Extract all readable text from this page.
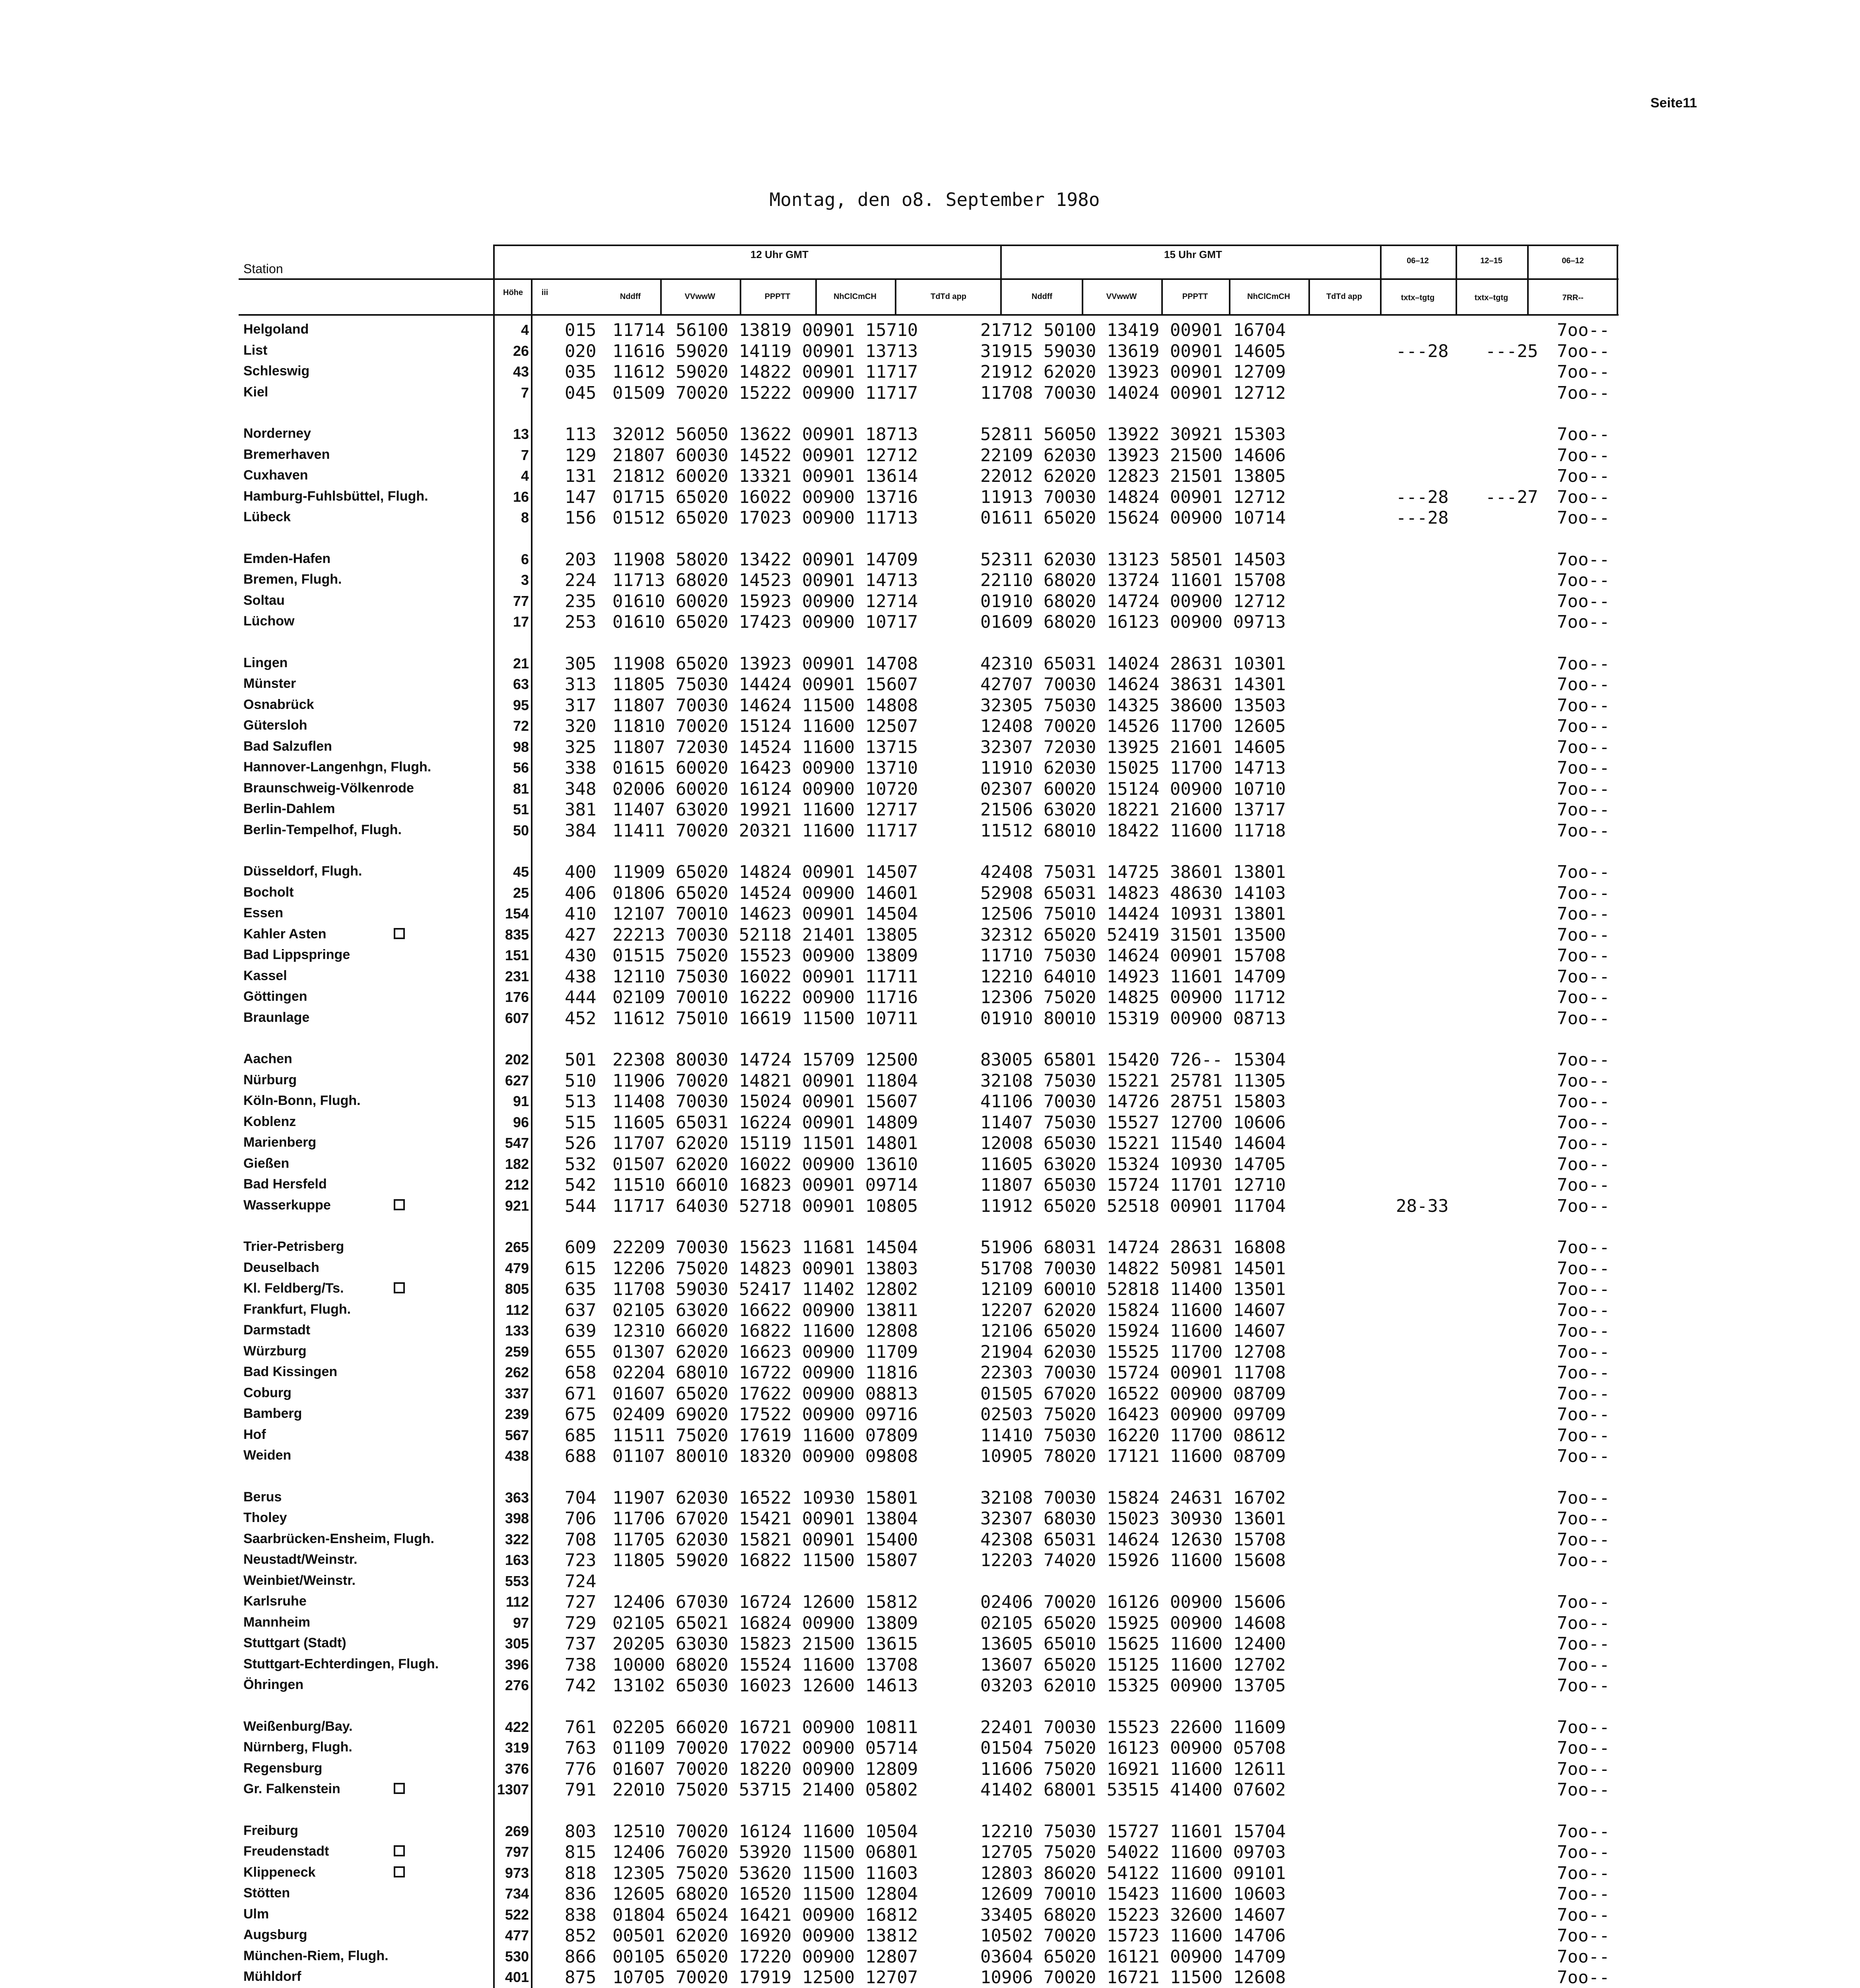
Seite11
Montag, den o8. September 198o
Station
12 Uhr GMT	15 Uhr GMT
Höhe	iii	Nddff	VVwwW	PPPTT	NhClCmCH	TdTd app	Nddff	VVwwW	PPPTT	NhClCmCH	TdTd app
06–12	12–15	06–12
txtx–tgtg	txtx–tgtg	7RR--
Helgoland	4 015 11714 56100 13819 00901 15710	21712 50100 13419 00901 16704	7oo--
List	26 020 11616 59020 14119 00901 13713	31915 59030 13619 00901 14605	---28 ---25 7oo--
Schleswig	43 035 11612 59020 14822 00901 11717	21912 62020 13923 00901 12709	7oo--
Kiel	7 045 01509 70020 15222 00900 11717	11708 70030 14024 00901 12712	7oo--
Norderney	13 113 32012 56050 13622 00901 18713	52811 56050 13922 30921 15303	7oo--
Bremerhaven	7 129 21807 60030 14522 00901 12712	22109 62030 13923 21500 14606	7oo--
Cuxhaven	4 131 21812 60020 13321 00901 13614	22012 62020 12823 21501 13805	7oo--
Hamburg-Fuhlsbüttel, Flugh.	16 147 01715 65020 16022 00900 13716	11913 70030 14824 00901 12712	---28 ---27 7oo--
Lübeck	8 156 01512 65020 17023 00900 11713	01611 65020 15624 00900 10714	---28	7oo--
Emden-Hafen	6 203 11908 58020 13422 00901 14709	52311 62030 13123 58501 14503	7oo--
Bremen, Flugh.	3 224 11713 68020 14523 00901 14713	22110 68020 13724 11601 15708	7oo--
Soltau	77 235 01610 60020 15923 00900 12714	01910 68020 14724 00900 12712	7oo--
Lüchow	17 253 01610 65020 17423 00900 10717	01609 68020 16123 00900 09713	7oo--
Lingen	21 305 11908 65020 13923 00901 14708	42310 65031 14024 28631 10301	7oo--
Münster	63 313 11805 75030 14424 00901 15607	42707 70030 14624 38631 14301	7oo--
Osnabrück	95 317 11807 70030 14624 11500 14808	32305 75030 14325 38600 13503	7oo--
Gütersloh	72 320 11810 70020 15124 11600 12507	12408 70020 14526 11700 12605	7oo--
Bad Salzuflen	98 325 11807 72030 14524 11600 13715	32307 72030 13925 21601 14605	7oo--
Hannover-Langenhgn, Flugh.	56 338 01615 60020 16423 00900 13710	11910 62030 15025 11700 14713	7oo--
Braunschweig-Völkenrode	81 348 02006 60020 16124 00900 10720	02307 60020 15124 00900 10710	7oo--
Berlin-Dahlem	51 381 11407 63020 19921 11600 12717	21506 63020 18221 21600 13717	7oo--
Berlin-Tempelhof, Flugh.	50 384 11411 70020 20321 11600 11717	11512 68010 18422 11600 11718	7oo--
Düsseldorf, Flugh.	45 400 11909 65020 14824 00901 14507	42408 75031 14725 38601 13801	7oo--
Bocholt	25 406 01806 65020 14524 00900 14601	52908 65031 14823 48630 14103	7oo--
Essen	154 410 12107 70010 14623 00901 14504	12506 75010 14424 10931 13801	7oo--
Kahler Asten	835 427 22213 70030 52118 21401 13805	32312 65020 52419 31501 13500	7oo--
Bad Lippspringe	151 430 01515 75020 15523 00900 13809	11710 75030 14624 00901 15708	7oo--
Kassel	231 438 12110 75030 16022 00901 11711	12210 64010 14923 11601 14709	7oo--
Göttingen	176 444 02109 70010 16222 00900 11716	12306 75020 14825 00900 11712	7oo--
Braunlage	607 452 11612 75010 16619 11500 10711	01910 80010 15319 00900 08713	7oo--
Aachen	202 501 22308 80030 14724 15709 12500	83005 65801 15420 726-- 15304	7oo--
Nürburg	627 510 11906 70020 14821 00901 11804	32108 75030 15221 25781 11305	7oo--
Köln-Bonn, Flugh.	91 513 11408 70030 15024 00901 15607	41106 70030 14726 28751 15803	7oo--
Koblenz	96 515 11605 65031 16224 00901 14809	11407 75030 15527 12700 10606	7oo--
Marienberg	547 526 11707 62020 15119 11501 14801	12008 65030 15221 11540 14604	7oo--
Gießen	182 532 01507 62020 16022 00900 13610	11605 63020 15324 10930 14705	7oo--
Bad Hersfeld	212 542 11510 66010 16823 00901 09714	11807 65030 15724 11701 12710	7oo--
Wasserkuppe	921 544 11717 64030 52718 00901 10805	11912 65020 52518 00901 11704	28-33	7oo--
Trier-Petrisberg	265 609 22209 70030 15623 11681 14504	51906 68031 14724 28631 16808	7oo--
Deuselbach	479 615 12206 75020 14823 00901 13803	51708 70030 14822 50981 14501	7oo--
Kl. Feldberg/Ts.	805 635 11708 59030 52417 11402 12802	12109 60010 52818 11400 13501	7oo--
Frankfurt, Flugh.	112 637 02105 63020 16622 00900 13811	12207 62020 15824 11600 14607	7oo--
Darmstadt	133 639 12310 66020 16822 11600 12808	12106 65020 15924 11600 14607	7oo--
Würzburg	259 655 01307 62020 16623 00900 11709	21904 62030 15525 11700 12708	7oo--
Bad Kissingen	262 658 02204 68010 16722 00900 11816	22303 70030 15724 00901 11708	7oo--
Coburg	337 671 01607 65020 17622 00900 08813	01505 67020 16522 00900 08709	7oo--
Bamberg	239 675 02409 69020 17522 00900 09716	02503 75020 16423 00900 09709	7oo--
Hof	567 685 11511 75020 17619 11600 07809	11410 75030 16220 11700 08612	7oo--
Weiden	438 688 01107 80010 18320 00900 09808	10905 78020 17121 11600 08709	7oo--
Berus	363 704 11907 62030 16522 10930 15801	32108 70030 15824 24631 16702	7oo--
Tholey	398 706 11706 67020 15421 00901 13804	32307 68030 15023 30930 13601	7oo--
Saarbrücken-Ensheim, Flugh.	322 708 11705 62030 15821 00901 15400	42308 65031 14624 12630 15708	7oo--
Neustadt/Weinstr.	163 723 11805 59020 16822 11500 15807	12203 74020 15926 11600 15608	7oo--
Weinbiet/Weinstr.	553 724
Karlsruhe	112 727 12406 67030 16724 12600 15812	02406 70020 16126 00900 15606	7oo--
Mannheim	97 729 02105 65021 16824 00900 13809	02105 65020 15925 00900 14608	7oo--
Stuttgart (Stadt)	305 737 20205 63030 15823 21500 13615	13605 65010 15625 11600 12400	7oo--
Stuttgart-Echterdingen, Flugh.	396 738 10000 68020 15524 11600 13708	13607 65020 15125 11600 12702	7oo--
Öhringen	276 742 13102 65030 16023 12600 14613	03203 62010 15325 00900 13705	7oo--
Weißenburg/Bay.	422 761 02205 66020 16721 00900 10811	22401 70030 15523 22600 11609	7oo--
Nürnberg, Flugh.	319 763 01109 70020 17022 00900 05714	01504 75020 16123 00900 05708	7oo--
Regensburg	376 776 01607 70020 18220 00900 12809	11606 75020 16921 11600 12611	7oo--
Gr. Falkenstein	1307 791 22010 75020 53715 21400 05802	41402 68001 53515 41400 07602	7oo--
Freiburg	269 803 12510 70020 16124 11600 10504	12210 75030 15727 11601 15704	7oo--
Freudenstadt	797 815 12406 76020 53920 11500 06801	12705 75020 54022 11600 09703	7oo--
Klippeneck	973 818 12305 75020 53620 11500 11603	12803 86020 54122 11600 09101	7oo--
Stötten	734 836 12605 68020 16520 11500 12804	12609 70010 15423 11600 10603	7oo--
Ulm	522 838 01804 65024 16421 00900 16812	33405 68020 15223 32600 14607	7oo--
Augsburg	477 852 00501 62020 16920 00900 13812	10502 70020 15723 11600 14706	7oo--
München-Riem, Flugh.	530 866 00105 65020 17220 00900 12807	03604 65020 16121 00900 14709	7oo--
Mühldorf	401 875 10705 70020 17919 12500 12707	10906 70020 16721 11500 12608	7oo--
